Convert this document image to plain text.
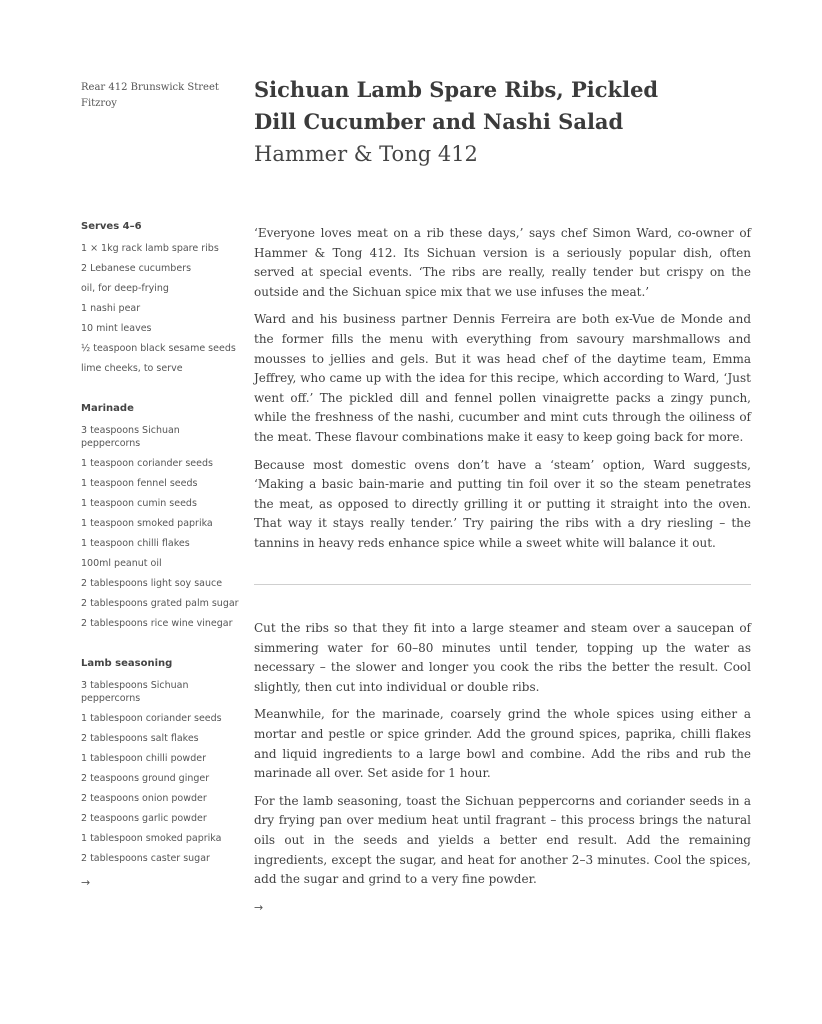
Rear 412 Brunswick Street
Fitzroy
Sichuan Lamb Spare Ribs, Pickled
Dill Cucumber and Nashi Salad

Hammer & Tong 412

Serves 4–6
1 × 1kg rack lamb spare ribs
2 Lebanese cucumbers
oil, for deep-frying
1 nashi pear
10 mint leaves
½ teaspoon black sesame seeds
lime cheeks, to serve
Marinade
3 teaspoons Sichuan peppercorns
1 teaspoon coriander seeds
1 teaspoon fennel seeds
1 teaspoon cumin seeds
1 teaspoon smoked paprika
1 teaspoon chilli flakes
100ml peanut oil
2 tablespoons light soy sauce
2 tablespoons grated palm sugar
2 tablespoons rice wine vinegar
Lamb seasoning
3 tablespoons Sichuan peppercorns
1 tablespoon coriander seeds
2 tablespoons salt flakes
1 tablespoon chilli powder
2 teaspoons ground ginger
2 teaspoons onion powder
2 teaspoons garlic powder
1 tablespoon smoked paprika
2 tablespoons caster sugar
→

‘Everyone loves meat on a rib these days,’ says chef Simon Ward, co-owner of Hammer & Tong 412. Its Sichuan version is a seriously popular dish, often served at special events. ‘The ribs are really, really tender but crispy on the outside and the Sichuan spice mix that we use infuses the meat.’

Ward and his business partner Dennis Ferreira are both ex-Vue de Monde and the former fills the menu with everything from savoury marshmallows and mousses to jellies and gels. But it was head chef of the daytime team, Emma Jeffrey, who came up with the idea for this recipe, which according to Ward, ‘Just went off.’ The pickled dill and fennel pollen vinaigrette packs a zingy punch, while the freshness of the nashi, cucumber and mint cuts through the oiliness of the meat. These flavour combinations make it easy to keep going back for more.

Because most domestic ovens don’t have a ‘steam’ option, Ward suggests, ‘Making a basic bain-marie and putting tin foil over it so the steam penetrates the meat, as opposed to directly grilling it or putting it straight into the oven. That way it stays really tender.’ Try pairing the ribs with a dry riesling – the tannins in heavy reds enhance spice while a sweet white will balance it out.

Cut the ribs so that they fit into a large steamer and steam over a saucepan of simmering water for 60–80 minutes until tender, topping up the water as necessary – the slower and longer you cook the ribs the better the result. Cool slightly, then cut into individual or double ribs.

Meanwhile, for the marinade, coarsely grind the whole spices using either a mortar and pestle or spice grinder. Add the ground spices, paprika, chilli flakes and liquid ingredients to a large bowl and combine. Add the ribs and rub the marinade all over. Set aside for 1 hour.

For the lamb seasoning, toast the Sichuan peppercorns and coriander seeds in a dry frying pan over medium heat until fragrant – this process brings the natural oils out in the seeds and yields a better end result. Add the remaining ingredients, except the sugar, and heat for another 2–3 minutes. Cool the spices, add the sugar and grind to a very fine powder.

→
